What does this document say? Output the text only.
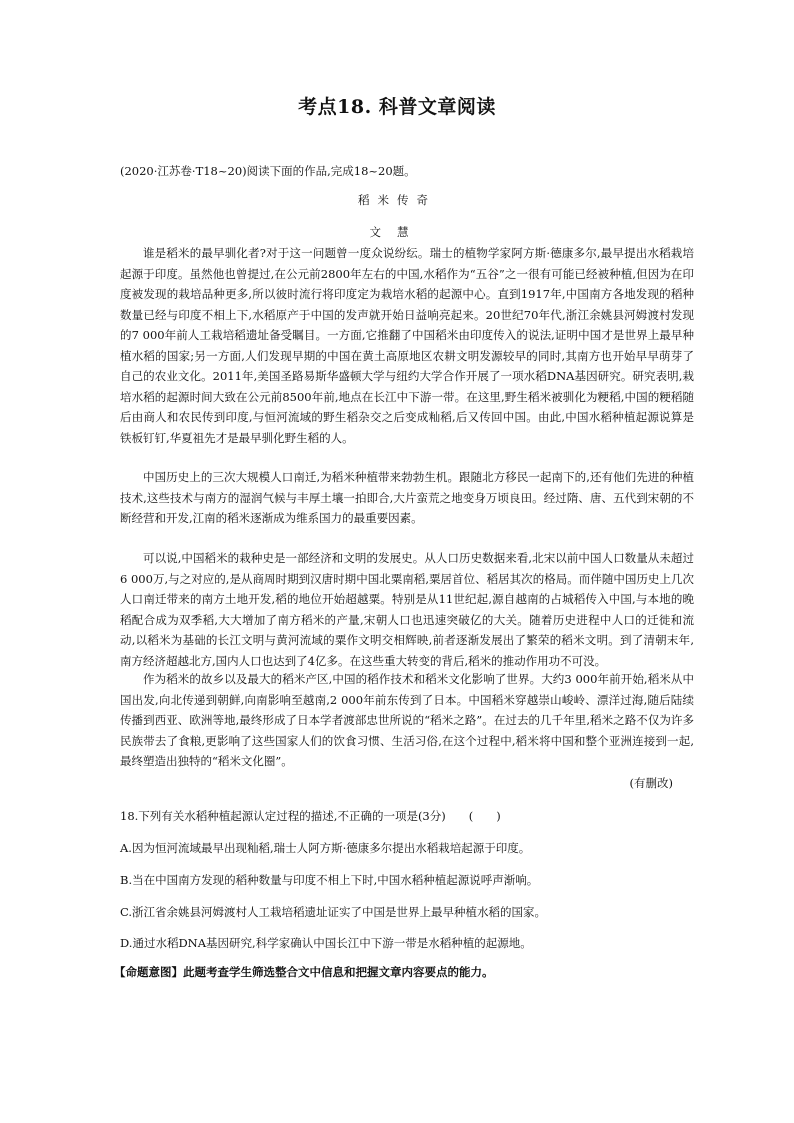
考点18. 科普文章阅读
(2020·江苏卷·T18~20)阅读下面的作品,完成18~20题。
稻米传奇
文慧

谁是稻米的最早驯化者?对于这一问题曾一度众说纷纭。瑞士的植物学家阿方斯·德康多尔,最早提出水稻栽培起源于印度。虽然他也曾提过,在公元前2800年左右的中国,水稻作为“五谷”之一很有可能已经被种植,但因为在印度被发现的栽培品种更多,所以彼时流行将印度定为栽培水稻的起源中心。直到1917年,中国南方各地发现的稻种数量已经与印度不相上下,水稻原产于中国的发声就开始日益响亮起来。20世纪70年代,浙江余姚县河姆渡村发现的7 000年前人工栽培稻遗址备受瞩目。一方面,它推翻了中国稻米由印度传入的说法,证明中国才是世界上最早种植水稻的国家;另一方面,人们发现早期的中国在黄土高原地区农耕文明发源较早的同时,其南方也开始早早萌芽了自己的农业文化。2011年,美国圣路易斯华盛顿大学与纽约大学合作开展了一项水稻DNA基因研究。研究表明,栽培水稻的起源时间大致在公元前8500年前,地点在长江中下游一带。在这里,野生稻米被驯化为粳稻,中国的粳稻随后由商人和农民传到印度,与恒河流域的野生稻杂交之后变成籼稻,后又传回中国。由此,中国水稻种植起源说算是铁板钉钉,华夏祖先才是最早驯化野生稻的人。

中国历史上的三次大规模人口南迁,为稻米种植带来勃勃生机。跟随北方移民一起南下的,还有他们先进的种植技术,这些技术与南方的湿润气候与丰厚土壤一拍即合,大片蛮荒之地变身万顷良田。经过隋、唐、五代到宋朝的不断经营和开发,江南的稻米逐渐成为维系国力的最重要因素。

可以说,中国稻米的栽种史是一部经济和文明的发展史。从人口历史数据来看,北宋以前中国人口数量从未超过6 000万,与之对应的,是从商周时期到汉唐时期中国北粟南稻,粟居首位、稻居其次的格局。而伴随中国历史上几次人口南迁带来的南方土地开发,稻的地位开始超越粟。特别是从11世纪起,源自越南的占城稻传入中国,与本地的晚稻配合成为双季稻,大大增加了南方稻米的产量,宋朝人口也迅速突破亿的大关。随着历史进程中人口的迁徙和流动,以稻米为基础的长江文明与黄河流域的粟作文明交相辉映,前者逐渐发展出了繁荣的稻米文明。到了清朝末年,南方经济超越北方,国内人口也达到了4亿多。在这些重大转变的背后,稻米的推动作用功不可没。

作为稻米的故乡以及最大的稻米产区,中国的稻作技术和稻米文化影响了世界。大约3 000年前开始,稻米从中国出发,向北传递到朝鲜,向南影响至越南,2 000年前东传到了日本。中国稻米穿越崇山峻岭、漂洋过海,随后陆续传播到西亚、欧洲等地,最终形成了日本学者渡部忠世所说的“稻米之路”。在过去的几千年里,稻米之路不仅为许多民族带去了食粮,更影响了这些国家人们的饮食习惯、生活习俗,在这个过程中,稻米将中国和整个亚洲连接到一起,最终塑造出独特的“稻米文化圈”。

(有删改)

18.下列有关水稻种植起源认定过程的描述,不正确的一项是(3分)　　(　　)

A.因为恒河流域最早出现籼稻,瑞士人阿方斯·德康多尔提出水稻栽培起源于印度。

B.当在中国南方发现的稻种数量与印度不相上下时,中国水稻种植起源说呼声渐响。

C.浙江省余姚县河姆渡村人工栽培稻遗址证实了中国是世界上最早种植水稻的国家。

D.通过水稻DNA基因研究,科学家确认中国长江中下游一带是水稻种植的起源地。

【命题意图】此题考查学生筛选整合文中信息和把握文章内容要点的能力。
